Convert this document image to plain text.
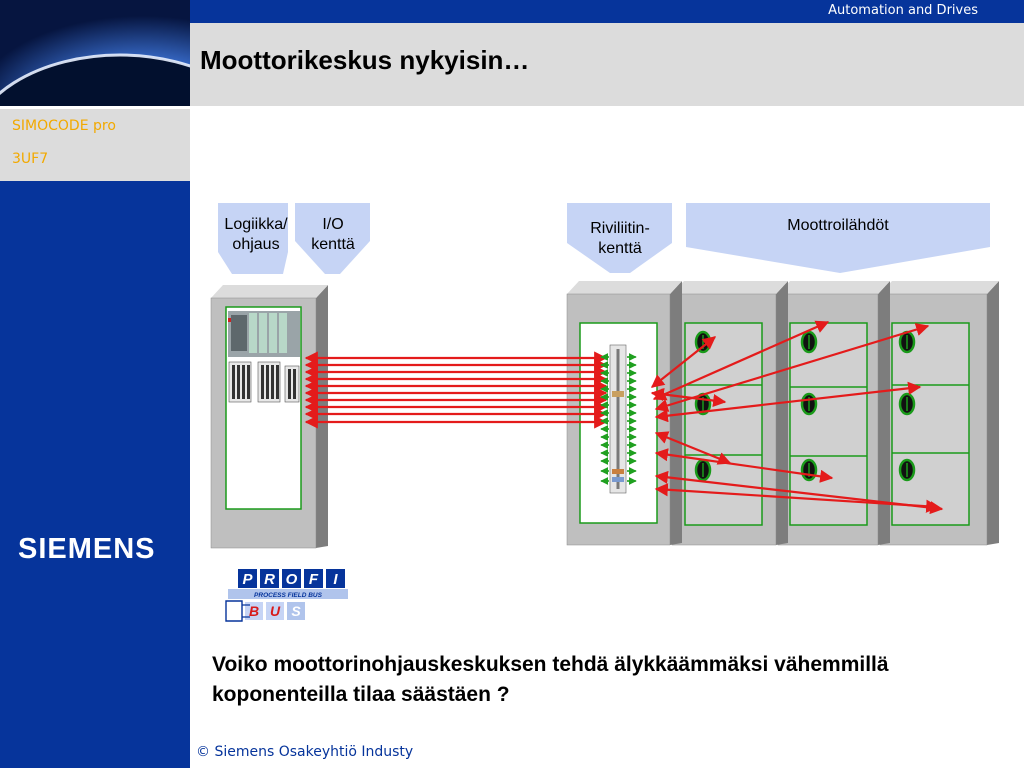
Automation and Drives
Moottorikeskus nykyisin…
SIMOCODE pro
3UF7
SIEMENS
P R O F I
PROCESS FIELD BUS
B U S
Logiikka/ ohjaus
I/O kenttä
Riviliitin-kenttä
Moottroilähdöt
Voiko moottorinohjauskeskuksen tehdä älykkäämmäksi vähemmillä koponenteilla tilaa säästäen ?
© Siemens Osakeyhtiö Industy
